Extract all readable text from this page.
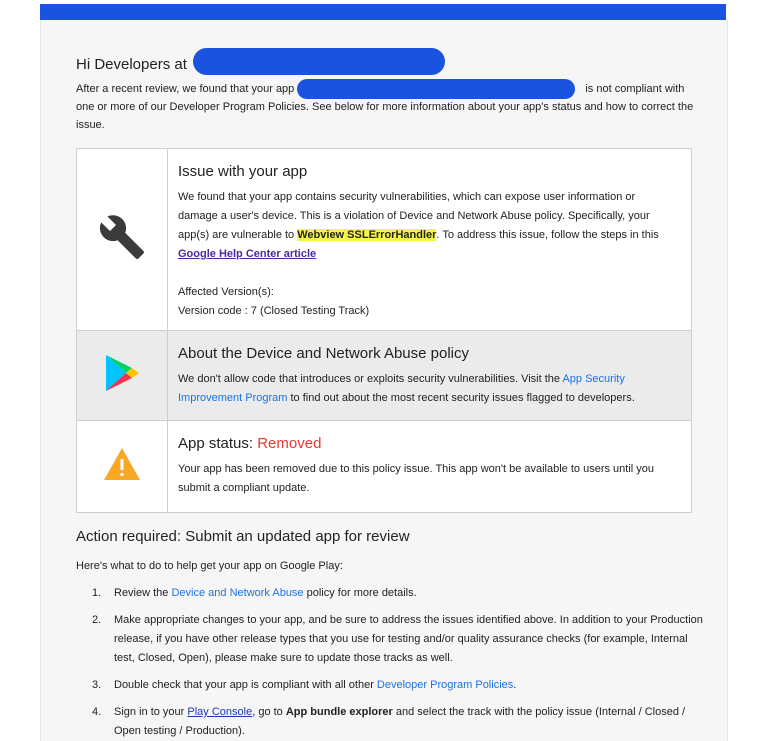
Hi Developers at
After a recent review, we found that your app	is not compliant with one or more of our Developer Program Policies. See below for more information about your app's status and how to correct the issue.

Issue with your app
We found that your app contains security vulnerabilities, which can expose user information or damage a user's device. This is a violation of Device and Network Abuse policy. Specifically, your app(s) are vulnerable to Webview SSLErrorHandler. To address this issue, follow the steps in this Google Help Center article
Affected Version(s):
Version code : 7 (Closed Testing Track)

About the Device and Network Abuse policy
We don't allow code that introduces or exploits security vulnerabilities. Visit the App Security Improvement Program to find out about the most recent security issues flagged to developers.

App status: Removed
Your app has been removed due to this policy issue. This app won't be available to users until you submit a compliant update.
Action required: Submit an updated app for review
Here's what to do to help get your app on Google Play:
1. Review the Device and Network Abuse policy for more details.
2. Make appropriate changes to your app, and be sure to address the issues identified above. In addition to your Production release, if you have other release types that you use for testing and/or quality assurance checks (for example, Internal test, Closed, Open), please make sure to update those tracks as well.
3. Double check that your app is compliant with all other Developer Program Policies.
4. Sign in to your Play Console, go to App bundle explorer and select the track with the policy issue (Internal / Closed / Open testing / Production).
